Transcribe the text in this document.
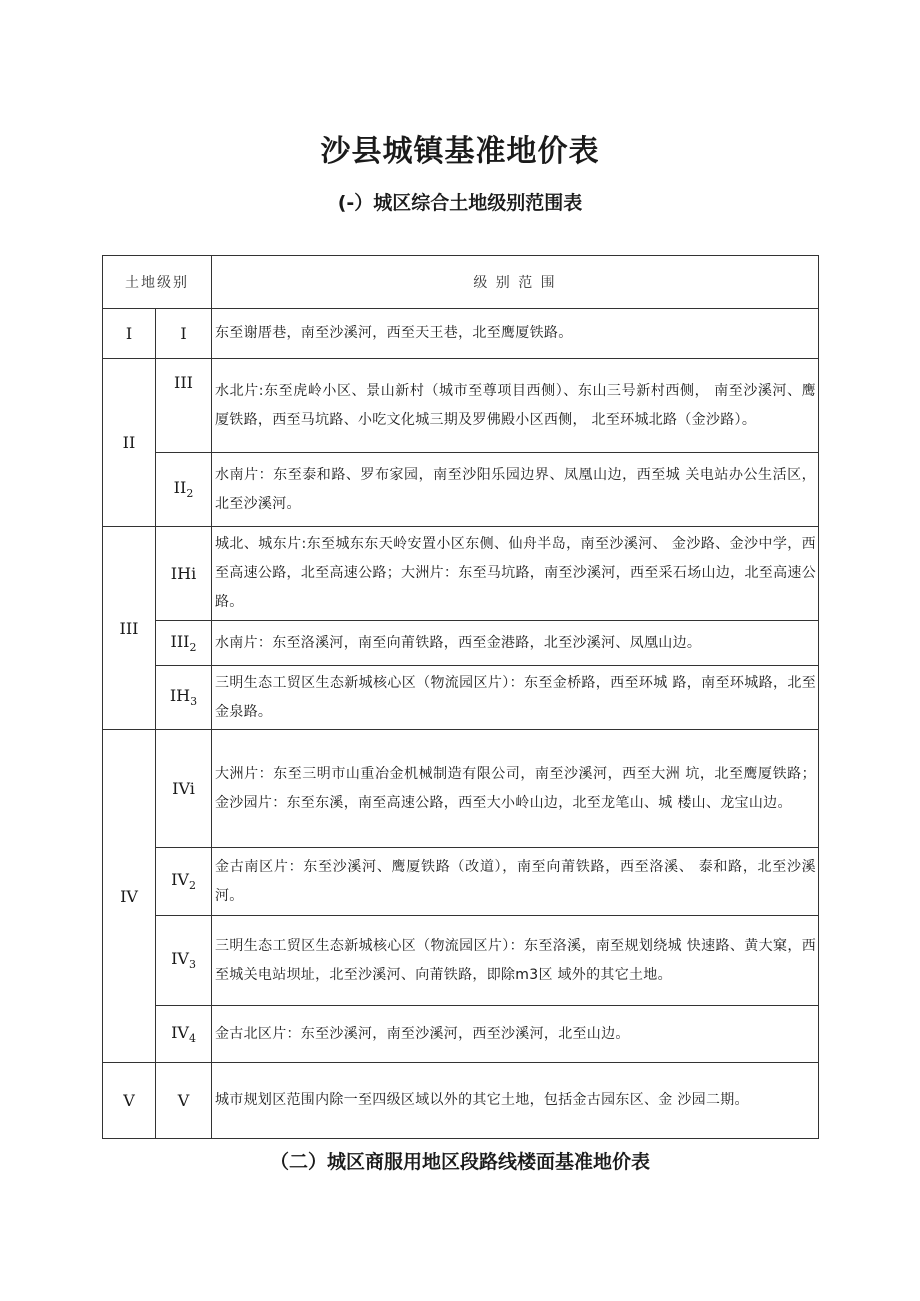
沙县城镇基准地价表
(-）城区综合土地级别范围表
土地级别		级 别 范 围
I	I	东至谢厝巷，南至沙溪河，西至天王巷，北至鹰厦铁路。
II	III	水北片:东至虎岭小区、景山新村（城市至尊项目西侧）、东山三号新村西侧， 南至沙溪河、鹰厦铁路，西至马坑路、小吃文化城三期及罗佛殿小区西侧， 北至环城北路（金沙路）。
	$II_2$	水南片：东至泰和路、罗布家园，南至沙阳乐园边界、凤凰山边，西至城 关电站办公生活区，北至沙溪河。
III	IHi	城北、城东片:东至城东东天岭安置小区东侧、仙舟半岛，南至沙溪河、 金沙路、金沙中学，西至高速公路，北至高速公路；大洲片：东至马坑路，南至沙溪河，西至采石场山边，北至高速公路。
	$III_2$	水南片：东至洛溪河，南至向莆铁路，西至金港路，北至沙溪河、凤凰山边。
	$IH_3$	三明生态工贸区生态新城核心区（物流园区片）：东至金桥路，西至环城 路，南至环城路，北至金泉路。
IV	IVi	大洲片：东至三明市山重冶金机械制造有限公司，南至沙溪河，西至大洲 坑，北至鹰厦铁路；金沙园片：东至东溪，南至高速公路，西至大小岭山边，北至龙笔山、城 楼山、龙宝山边。
	$IV_2$	金古南区片：东至沙溪河、鹰厦铁路（改道），南至向莆铁路，西至洛溪、 泰和路，北至沙溪河。
	$IV_3$	三明生态工贸区生态新城核心区（物流园区片）：东至洛溪，南至规划绕城 快速路、黄大窠，西至城关电站坝址，北至沙溪河、向莆铁路，即除m3区 域外的其它土地。
	$IV_4$	金古北区片：东至沙溪河，南至沙溪河，西至沙溪河，北至山边。
V	V	城市规划区范围内除一至四级区域以外的其它土地，包括金古园东区、金 沙园二期。
（二）城区商服用地区段路线楼面基准地价表
